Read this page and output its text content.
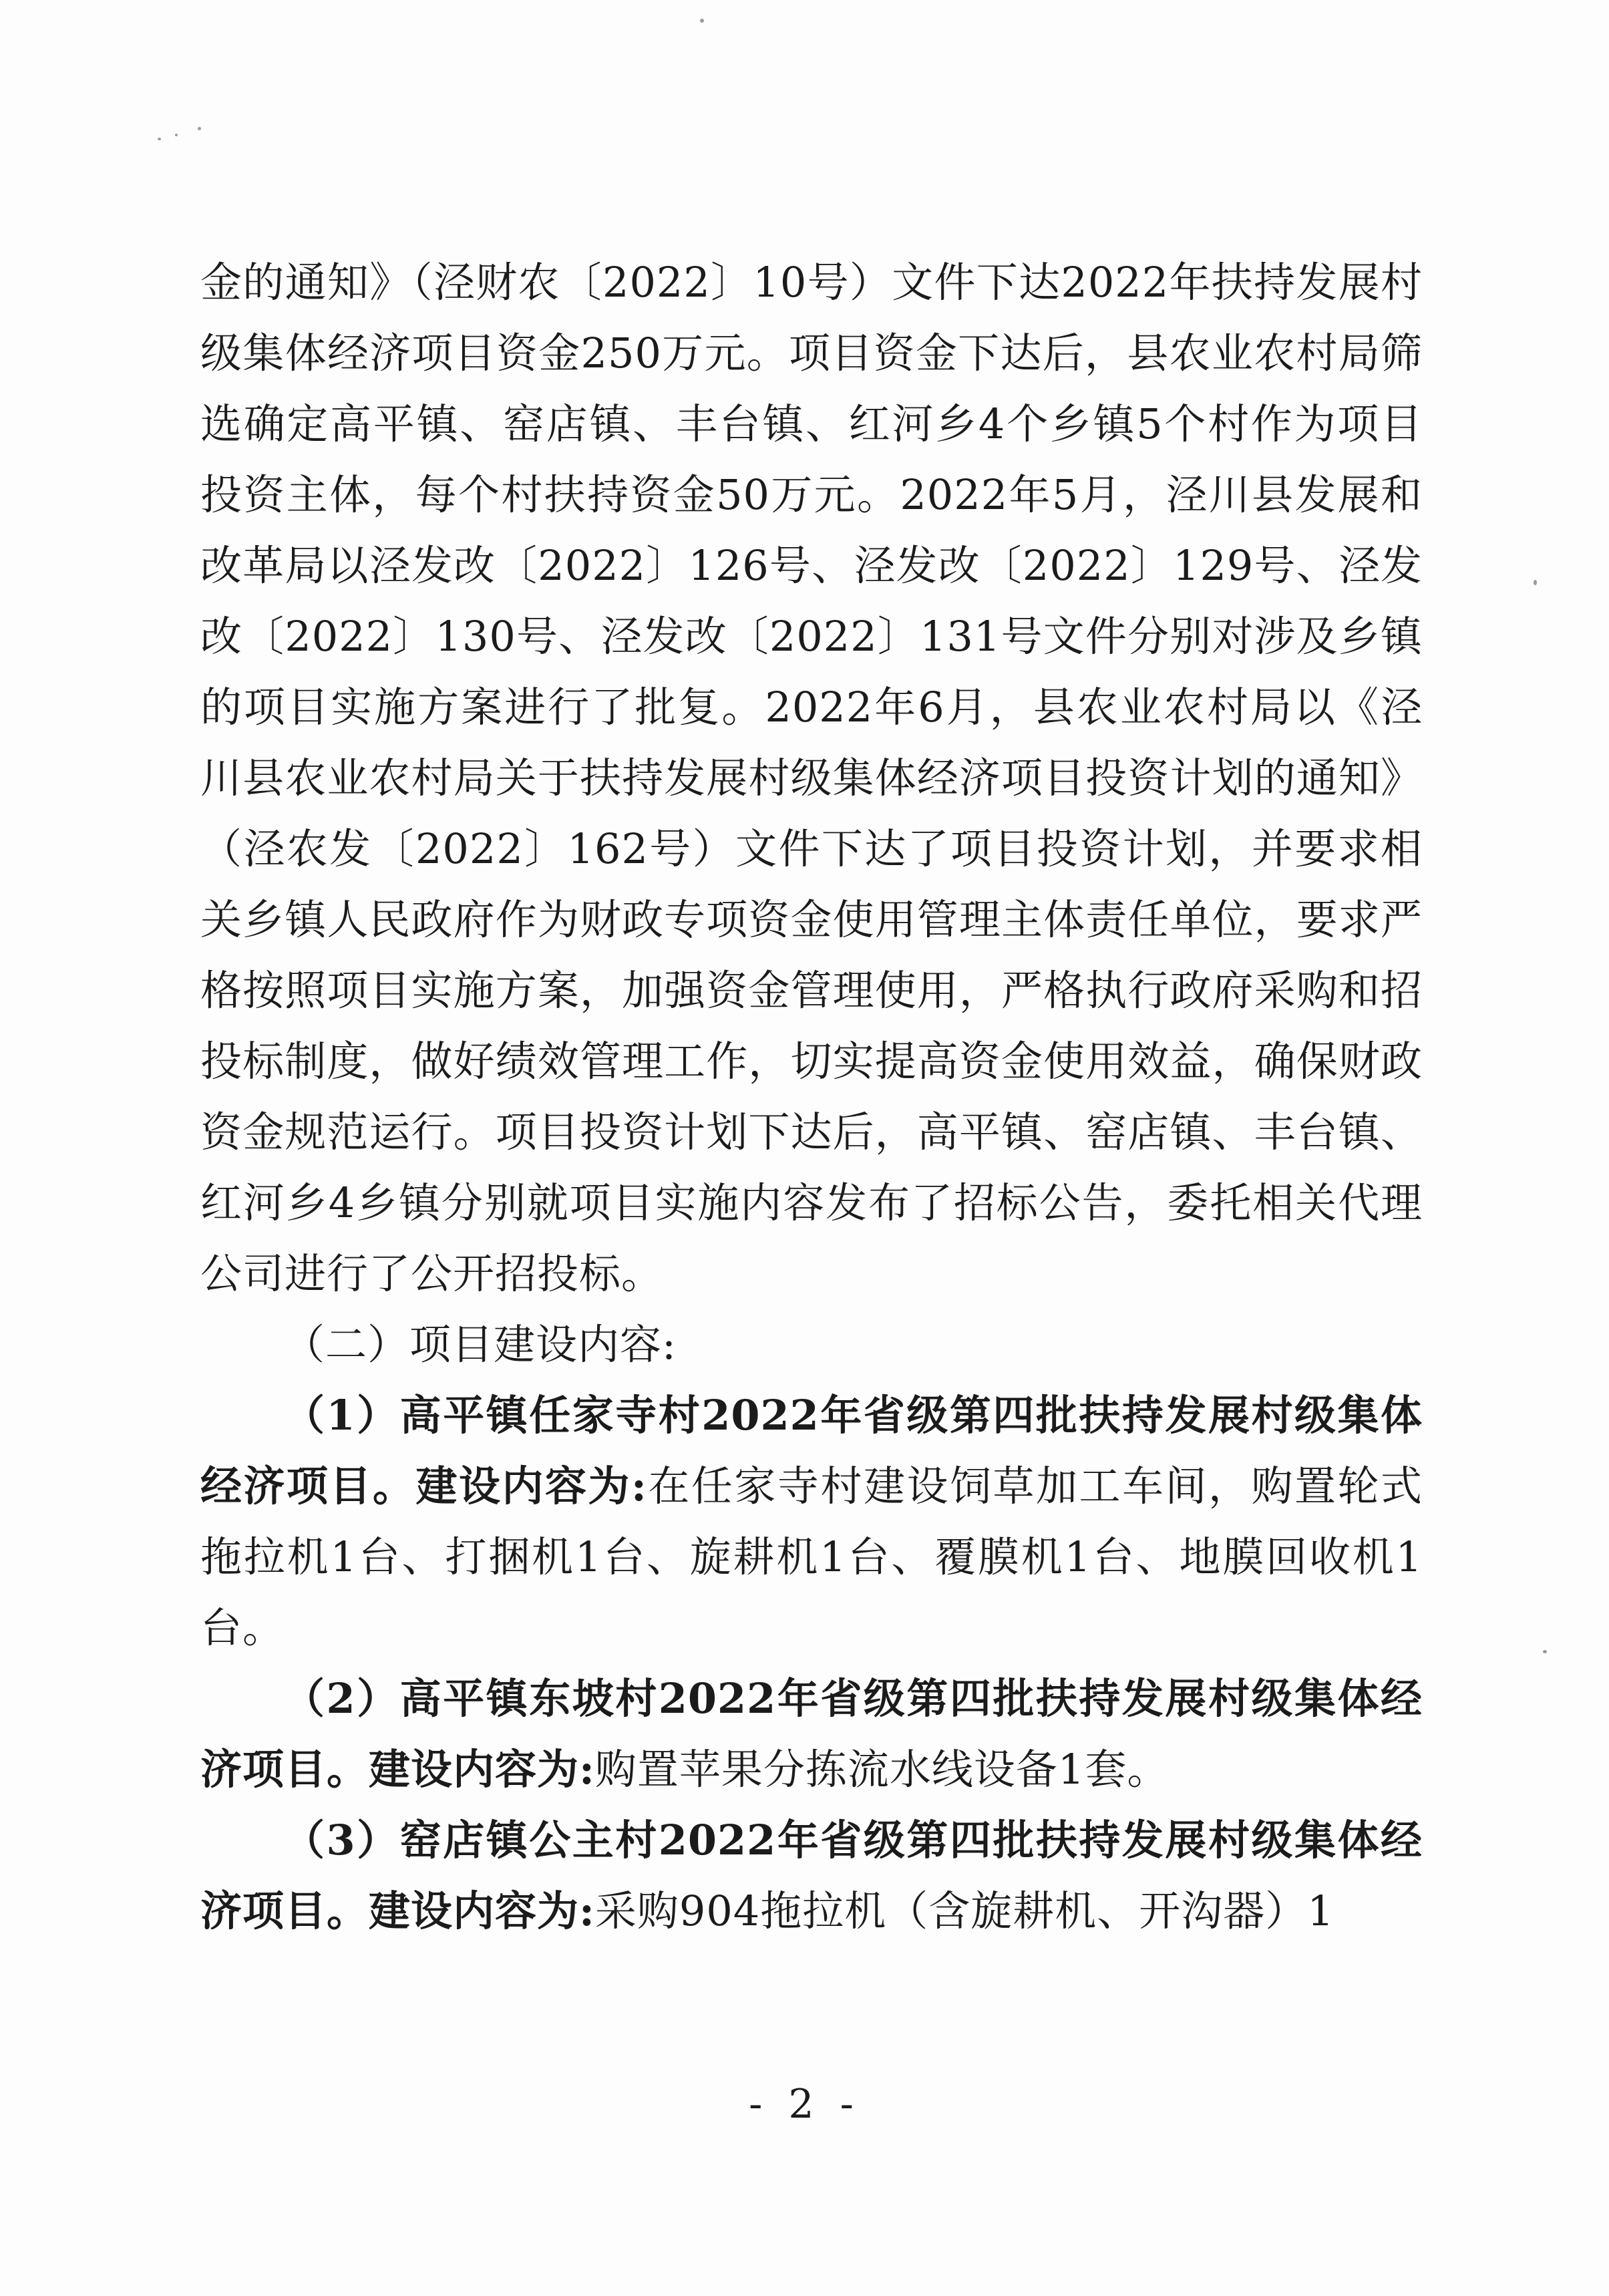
金的通知》（泾财农〔2022〕10号）文件下达2022年扶持发展村级集体经济项目资金250万元。项目资金下达后，县农业农村局筛选确定高平镇、窑店镇、丰台镇、红河乡4个乡镇5个村作为项目投资主体，每个村扶持资金50万元。2022年5月，泾川县发展和改革局以泾发改〔2022〕126号、泾发改〔2022〕129号、泾发改〔2022〕130号、泾发改〔2022〕131号文件分别对涉及乡镇的项目实施方案进行了批复。2022年6月，县农业农村局以《泾川县农业农村局关于扶持发展村级集体经济项目投资计划的通知》（泾农发〔2022〕162号）文件下达了项目投资计划，并要求相关乡镇人民政府作为财政专项资金使用管理主体责任单位，要求严格按照项目实施方案，加强资金管理使用，严格执行政府采购和招投标制度，做好绩效管理工作，切实提高资金使用效益，确保财政资金规范运行。项目投资计划下达后，高平镇、窑店镇、丰台镇、红河乡4乡镇分别就项目实施内容发布了招标公告，委托相关代理公司进行了公开招投标。

（二）项目建设内容:

（1）高平镇任家寺村2022年省级第四批扶持发展村级集体经济项目。建设内容为:在任家寺村建设饲草加工车间，购置轮式拖拉机1台、打捆机1台、旋耕机1台、覆膜机1台、地膜回收机1台。

（2）高平镇东坡村2022年省级第四批扶持发展村级集体经济项目。建设内容为:购置苹果分拣流水线设备1套。

（3）窑店镇公主村2022年省级第四批扶持发展村级集体经济项目。建设内容为:采购904拖拉机（含旋耕机、开沟器）1

- 2 -
